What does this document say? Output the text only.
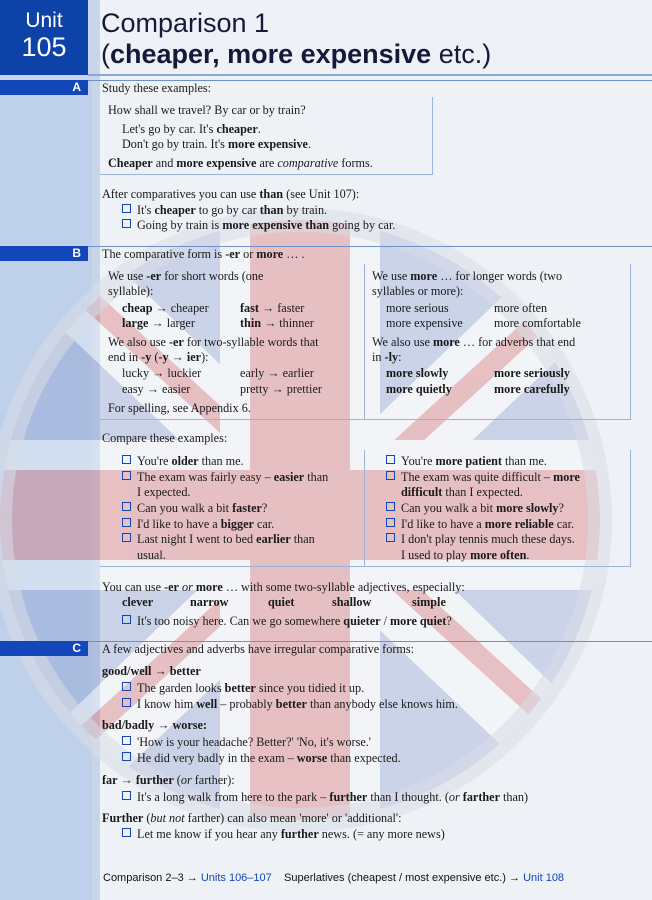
Unit
105
Comparison 1
(cheaper, more expensive etc.)
A	Study these examples:
How shall we travel? By car or by train?
Let's go by car. It's cheaper.
Don't go by train. It's more expensive.
Cheaper and more expensive are comparative forms.
After comparatives you can use than (see Unit 107):
It's cheaper to go by car than by train.
Going by train is more expensive than going by car.
B	The comparative form is -er or more … .
We use -er for short words (one
syllable):
cheap → cheaper	fast → faster
large → larger	thin → thinner
We also use -er for two-syllable words that
end in -y (-y → ier):
lucky → luckier	early → earlier
easy → easier	pretty → prettier
For spelling, see Appendix 6.
We use more … for longer words (two
syllables or more):
more serious	more often
more expensive	more comfortable
We also use more … for adverbs that end
in -ly:
more slowly	more seriously
more quietly	more carefully
Compare these examples:
You're older than me.
The exam was fairly easy – easier than
I expected.
Can you walk a bit faster?
I'd like to have a bigger car.
Last night I went to bed earlier than
usual.
You're more patient than me.
The exam was quite difficult – more
difficult than I expected.
Can you walk a bit more slowly?
I'd like to have a more reliable car.
I don't play tennis much these days.
I used to play more often.
You can use -er or more … with some two-syllable adjectives, especially:
clever	narrow	quiet	shallow	simple
It's too noisy here. Can we go somewhere quieter / more quiet?
C	A few adjectives and adverbs have irregular comparative forms:
good/well → better
The garden looks better since you tidied it up.
I know him well – probably better than anybody else knows him.
bad/badly → worse:
'How is your headache? Better?' 'No, it's worse.'
He did very badly in the exam – worse than expected.
far → further (or farther):
It's a long walk from here to the park – further than I thought. (or farther than)
Further (but not farther) can also mean 'more' or 'additional':
Let me know if you hear any further news. (= any more news)
Comparison 2–3 → Units 106–107 Superlatives (cheapest / most expensive etc.) → Unit 108
